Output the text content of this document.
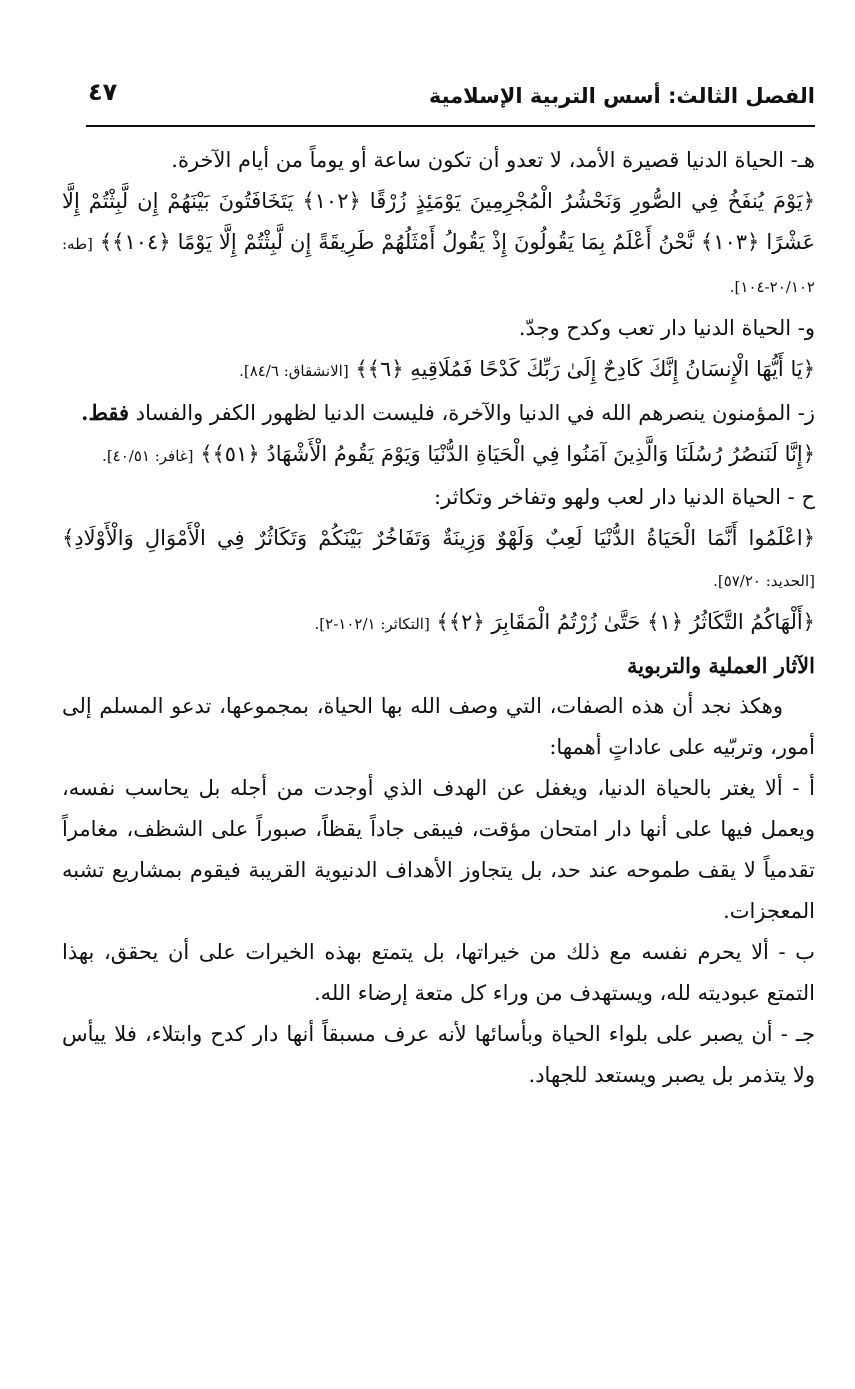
الفصل الثالث: أسس التربية الإسلامية
٤٧

هـ- الحياة الدنيا قصيرة الأمد، لا تعدو أن تكون ساعة أو يوماً من أيام الآخرة.

﴿يَوْمَ يُنفَخُ فِي الصُّورِ وَنَحْشُرُ الْمُجْرِمِينَ يَوْمَئِذٍ زُرْقًا ﴿١٠٢﴾ يَتَخَافَتُونَ بَيْنَهُمْ إِن لَّبِثْتُمْ إِلَّا عَشْرًا ﴿١٠٣﴾ نَّحْنُ أَعْلَمُ بِمَا يَقُولُونَ إِذْ يَقُولُ أَمْثَلُهُمْ طَرِيقَةً إِن لَّبِثْتُمْ إِلَّا يَوْمًا ﴿١٠٤﴾﴾ [طه: ٢٠/١٠٢-١٠٤].

و- الحياة الدنيا دار تعب وكدح وجدّ.

﴿يَا أَيُّهَا الْإِنسَانُ إِنَّكَ كَادِحٌ إِلَىٰ رَبِّكَ كَدْحًا فَمُلَاقِيهِ ﴿٦﴾﴾ [الانشقاق: ٨٤/٦].

ز- المؤمنون ينصرهم الله في الدنيا والآخرة، فليست الدنيا لظهور الكفر والفساد فقط.

﴿إِنَّا لَنَنصُرُ رُسُلَنَا وَالَّذِينَ آمَنُوا فِي الْحَيَاةِ الدُّنْيَا وَيَوْمَ يَقُومُ الْأَشْهَادُ ﴿٥١﴾﴾ [غافر: ٤٠/٥١].

ح - الحياة الدنيا دار لعب ولهو وتفاخر وتكاثر:

﴿اعْلَمُوا أَنَّمَا الْحَيَاةُ الدُّنْيَا لَعِبٌ وَلَهْوٌ وَزِينَةٌ وَتَفَاخُرٌ بَيْنَكُمْ وَتَكَاثُرٌ فِي الْأَمْوَالِ وَالْأَوْلَادِ﴾ [الحديد: ٥٧/٢٠].

﴿أَلْهَاكُمُ التَّكَاثُرُ ﴿١﴾ حَتَّىٰ زُرْتُمُ الْمَقَابِرَ ﴿٢﴾﴾ [التكاثر: ١٠٢/١-٢].

الآثار العملية والتربوية

وهكذ نجد أن هذه الصفات، التي وصف الله بها الحياة، بمجموعها، تدعو المسلم إلى أمور، وتربّيه على عاداتٍ أهمها:

أ - ألا يغتر بالحياة الدنيا، ويغفل عن الهدف الذي أوجدت من أجله بل يحاسب نفسه، ويعمل فيها على أنها دار امتحان مؤقت، فيبقى جاداً يقظاً، صبوراً على الشظف، مغامراً تقدمياً لا يقف طموحه عند حد، بل يتجاوز الأهداف الدنيوية القريبة فيقوم بمشاريع تشبه المعجزات.

ب - ألا يحرم نفسه مع ذلك من خيراتها، بل يتمتع بهذه الخيرات على أن يحقق، بهذا التمتع عبوديته لله، ويستهدف من وراء كل متعة إرضاء الله.

جـ - أن يصبر على بلواء الحياة وبأسائها لأنه عرف مسبقاً أنها دار كدح وابتلاء، فلا ييأس ولا يتذمر بل يصبر ويستعد للجهاد.
